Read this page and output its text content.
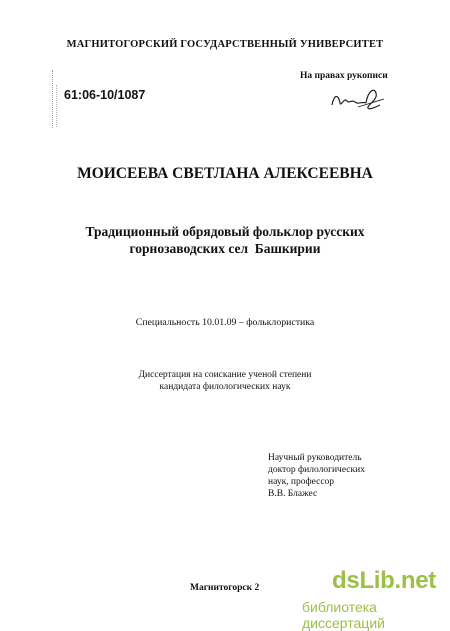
МАГНИТОГОРСКИЙ ГОСУДАРСТВЕННЫЙ УНИВЕРСИТЕТ
На правах рукописи
61:06-10/1087
МОИСЕЕВА СВЕТЛАНА АЛЕКСЕЕВНА
Традиционный обрядовый фольклор русских
горнозаводских сел  Башкирии
Специальность 10.01.09 – фольклористика
Диссертация на соискание ученой степени
кандидата филологических наук
Научный руководитель
доктор филологических
наук, профессор
В.В. Блажес
Магнитогорск 2	dsLib.net
библиотека диссертаций
